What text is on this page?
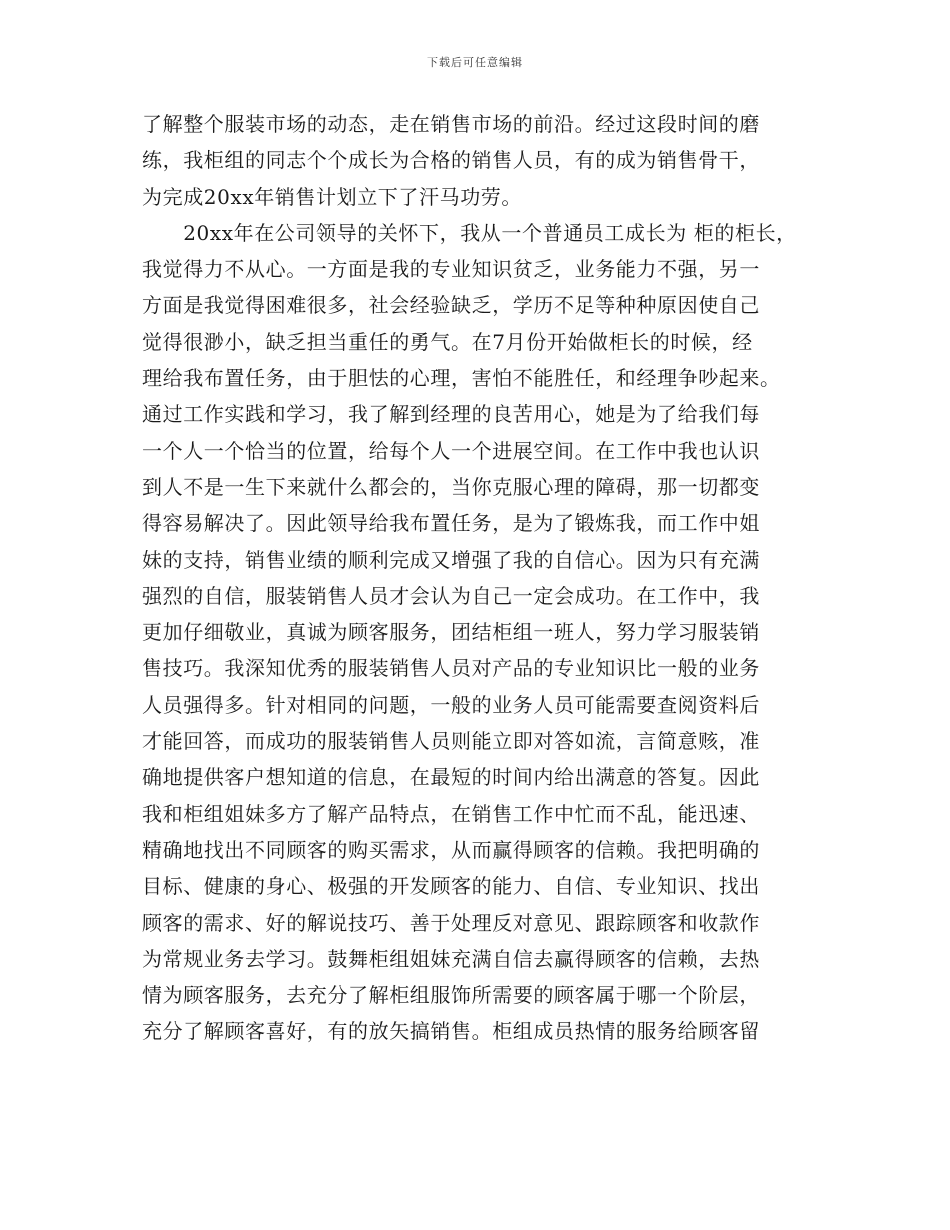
下载后可任意编辑
了解整个服装市场的动态，走在销售市场的前沿。经过这段时间的磨
练，我柜组的同志个个成长为合格的销售人员，有的成为销售骨干，
为完成20xx年销售计划立下了汗马功劳。
　　20xx年在公司领导的关怀下，我从一个普通员工成长为 柜的柜长，
我觉得力不从心。一方面是我的专业知识贫乏，业务能力不强，另一
方面是我觉得困难很多，社会经验缺乏，学历不足等种种原因使自己
觉得很渺小，缺乏担当重任的勇气。在7月份开始做柜长的时候，经
理给我布置任务，由于胆怯的心理，害怕不能胜任，和经理争吵起来。
通过工作实践和学习，我了解到经理的良苦用心，她是为了给我们每
一个人一个恰当的位置，给每个人一个进展空间。在工作中我也认识
到人不是一生下来就什么都会的，当你克服心理的障碍，那一切都变
得容易解决了。因此领导给我布置任务，是为了锻炼我，而工作中姐
妹的支持，销售业绩的顺利完成又增强了我的自信心。因为只有充满
强烈的自信，服装销售人员才会认为自己一定会成功。在工作中，我
更加仔细敬业，真诚为顾客服务，团结柜组一班人，努力学习服装销
售技巧。我深知优秀的服装销售人员对产品的专业知识比一般的业务
人员强得多。针对相同的问题，一般的业务人员可能需要查阅资料后
才能回答，而成功的服装销售人员则能立即对答如流，言简意赅，准
确地提供客户想知道的信息，在最短的时间内给出满意的答复。因此
我和柜组姐妹多方了解产品特点，在销售工作中忙而不乱，能迅速、
精确地找出不同顾客的购买需求，从而赢得顾客的信赖。我把明确的
目标、健康的身心、极强的开发顾客的能力、自信、专业知识、找出
顾客的需求、好的解说技巧、善于处理反对意见、跟踪顾客和收款作
为常规业务去学习。鼓舞柜组姐妹充满自信去赢得顾客的信赖，去热
情为顾客服务，去充分了解柜组服饰所需要的顾客属于哪一个阶层，
充分了解顾客喜好，有的放矢搞销售。柜组成员热情的服务给顾客留
